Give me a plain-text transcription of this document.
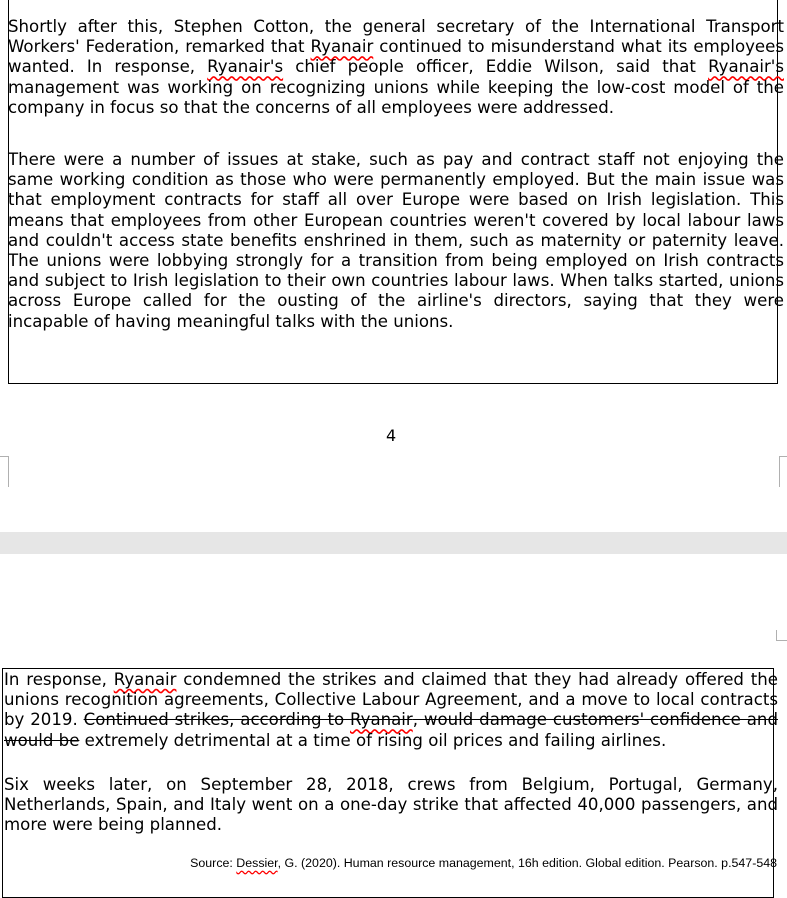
Shortly after this, Stephen Cotton, the general secretary of the International Transport Workers' Federation, remarked that Ryanair continued to misunderstand what its employees wanted. In response, Ryanair's chief people officer, Eddie Wilson, said that Ryanair's management was working on recognizing unions while keeping the low-cost model of the company in focus so that the concerns of all employees were addressed.

There were a number of issues at stake, such as pay and contract staff not enjoying the same working condition as those who were permanently employed. But the main issue was that employment contracts for staff all over Europe were based on Irish legislation. This means that employees from other European countries weren't covered by local labour laws and couldn't access state benefits enshrined in them, such as maternity or paternity leave. The unions were lobbying strongly for a transition from being employed on Irish contracts and subject to Irish legislation to their own countries labour laws. When talks started, unions across Europe called for the ousting of the airline's directors, saying that they were incapable of having meaningful talks with the unions.

4

In response, Ryanair condemned the strikes and claimed that they had already offered the unions recognition agreements, Collective Labour Agreement, and a move to local contracts by 2019. Continued strikes, according to Ryanair, would damage customers' confidence and would be extremely detrimental at a time of rising oil prices and failing airlines.

Six weeks later, on September 28, 2018, crews from Belgium, Portugal, Germany, Netherlands, Spain, and Italy went on a one-day strike that affected 40,000 passengers, and more were being planned.

Source: Dessier, G. (2020). Human resource management, 16h edition. Global edition. Pearson. p.547-548
